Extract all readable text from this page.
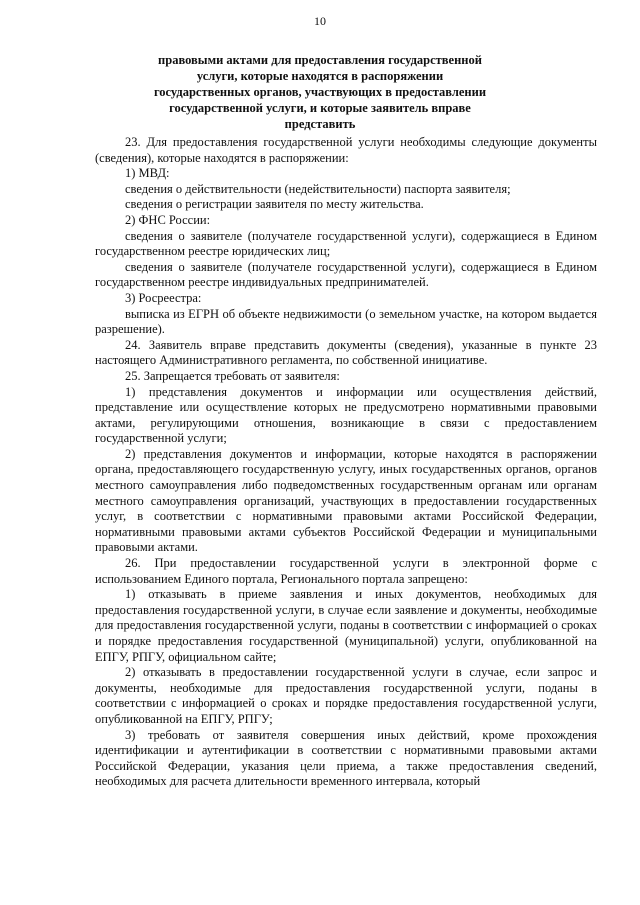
10
правовыми актами для предоставления государственной услуги, которые находятся в распоряжении государственных органов, участвующих в предоставлении государственной услуги, и которые заявитель вправе представить

23. Для предоставления государственной услуги необходимы следующие документы (сведения), которые находятся в распоряжении:

1) МВД:

сведения о действительности (недействительности) паспорта заявителя;

сведения о регистрации заявителя по месту жительства.

2) ФНС России:

сведения о заявителе (получателе государственной услуги), содержащиеся в Едином государственном реестре юридических лиц;

сведения о заявителе (получателе государственной услуги), содержащиеся в Едином государственном реестре индивидуальных предпринимателей.

3) Росреестра:

выписка из ЕГРН об объекте недвижимости (о земельном участке, на котором выдается разрешение).

24. Заявитель вправе представить документы (сведения), указанные в пункте 23 настоящего Административного регламента, по собственной инициативе.

25. Запрещается требовать от заявителя:

1) представления документов и информации или осуществления действий, представление или осуществление которых не предусмотрено нормативными правовыми актами, регулирующими отношения, возникающие в связи с предоставлением государственной услуги;

2) представления документов и информации, которые находятся в распоряжении органа, предоставляющего государственную услугу, иных государственных органов, органов местного самоуправления либо подведомственных государственным органам или органам местного самоуправления организаций, участвующих в предоставлении государственных услуг, в соответствии с нормативными правовыми актами Российской Федерации, нормативными правовыми актами субъектов Российской Федерации и муниципальными правовыми актами.

26. При предоставлении государственной услуги в электронной форме с использованием Единого портала, Регионального портала запрещено:

1) отказывать в приеме заявления и иных документов, необходимых для предоставления государственной услуги, в случае если заявление и документы, необходимые для предоставления государственной услуги, поданы в соответствии с информацией о сроках и порядке предоставления государственной (муниципальной) услуги, опубликованной на ЕПГУ, РПГУ, официальном сайте;

2) отказывать в предоставлении государственной услуги в случае, если запрос и документы, необходимые для предоставления государственной услуги, поданы в соответствии с информацией о сроках и порядке предоставления государственной услуги, опубликованной на ЕПГУ, РПГУ;

3) требовать от заявителя совершения иных действий, кроме прохождения идентификации и аутентификации в соответствии с нормативными правовыми актами Российской Федерации, указания цели приема, а также предоставления сведений, необходимых для расчета длительности временного интервала, который
